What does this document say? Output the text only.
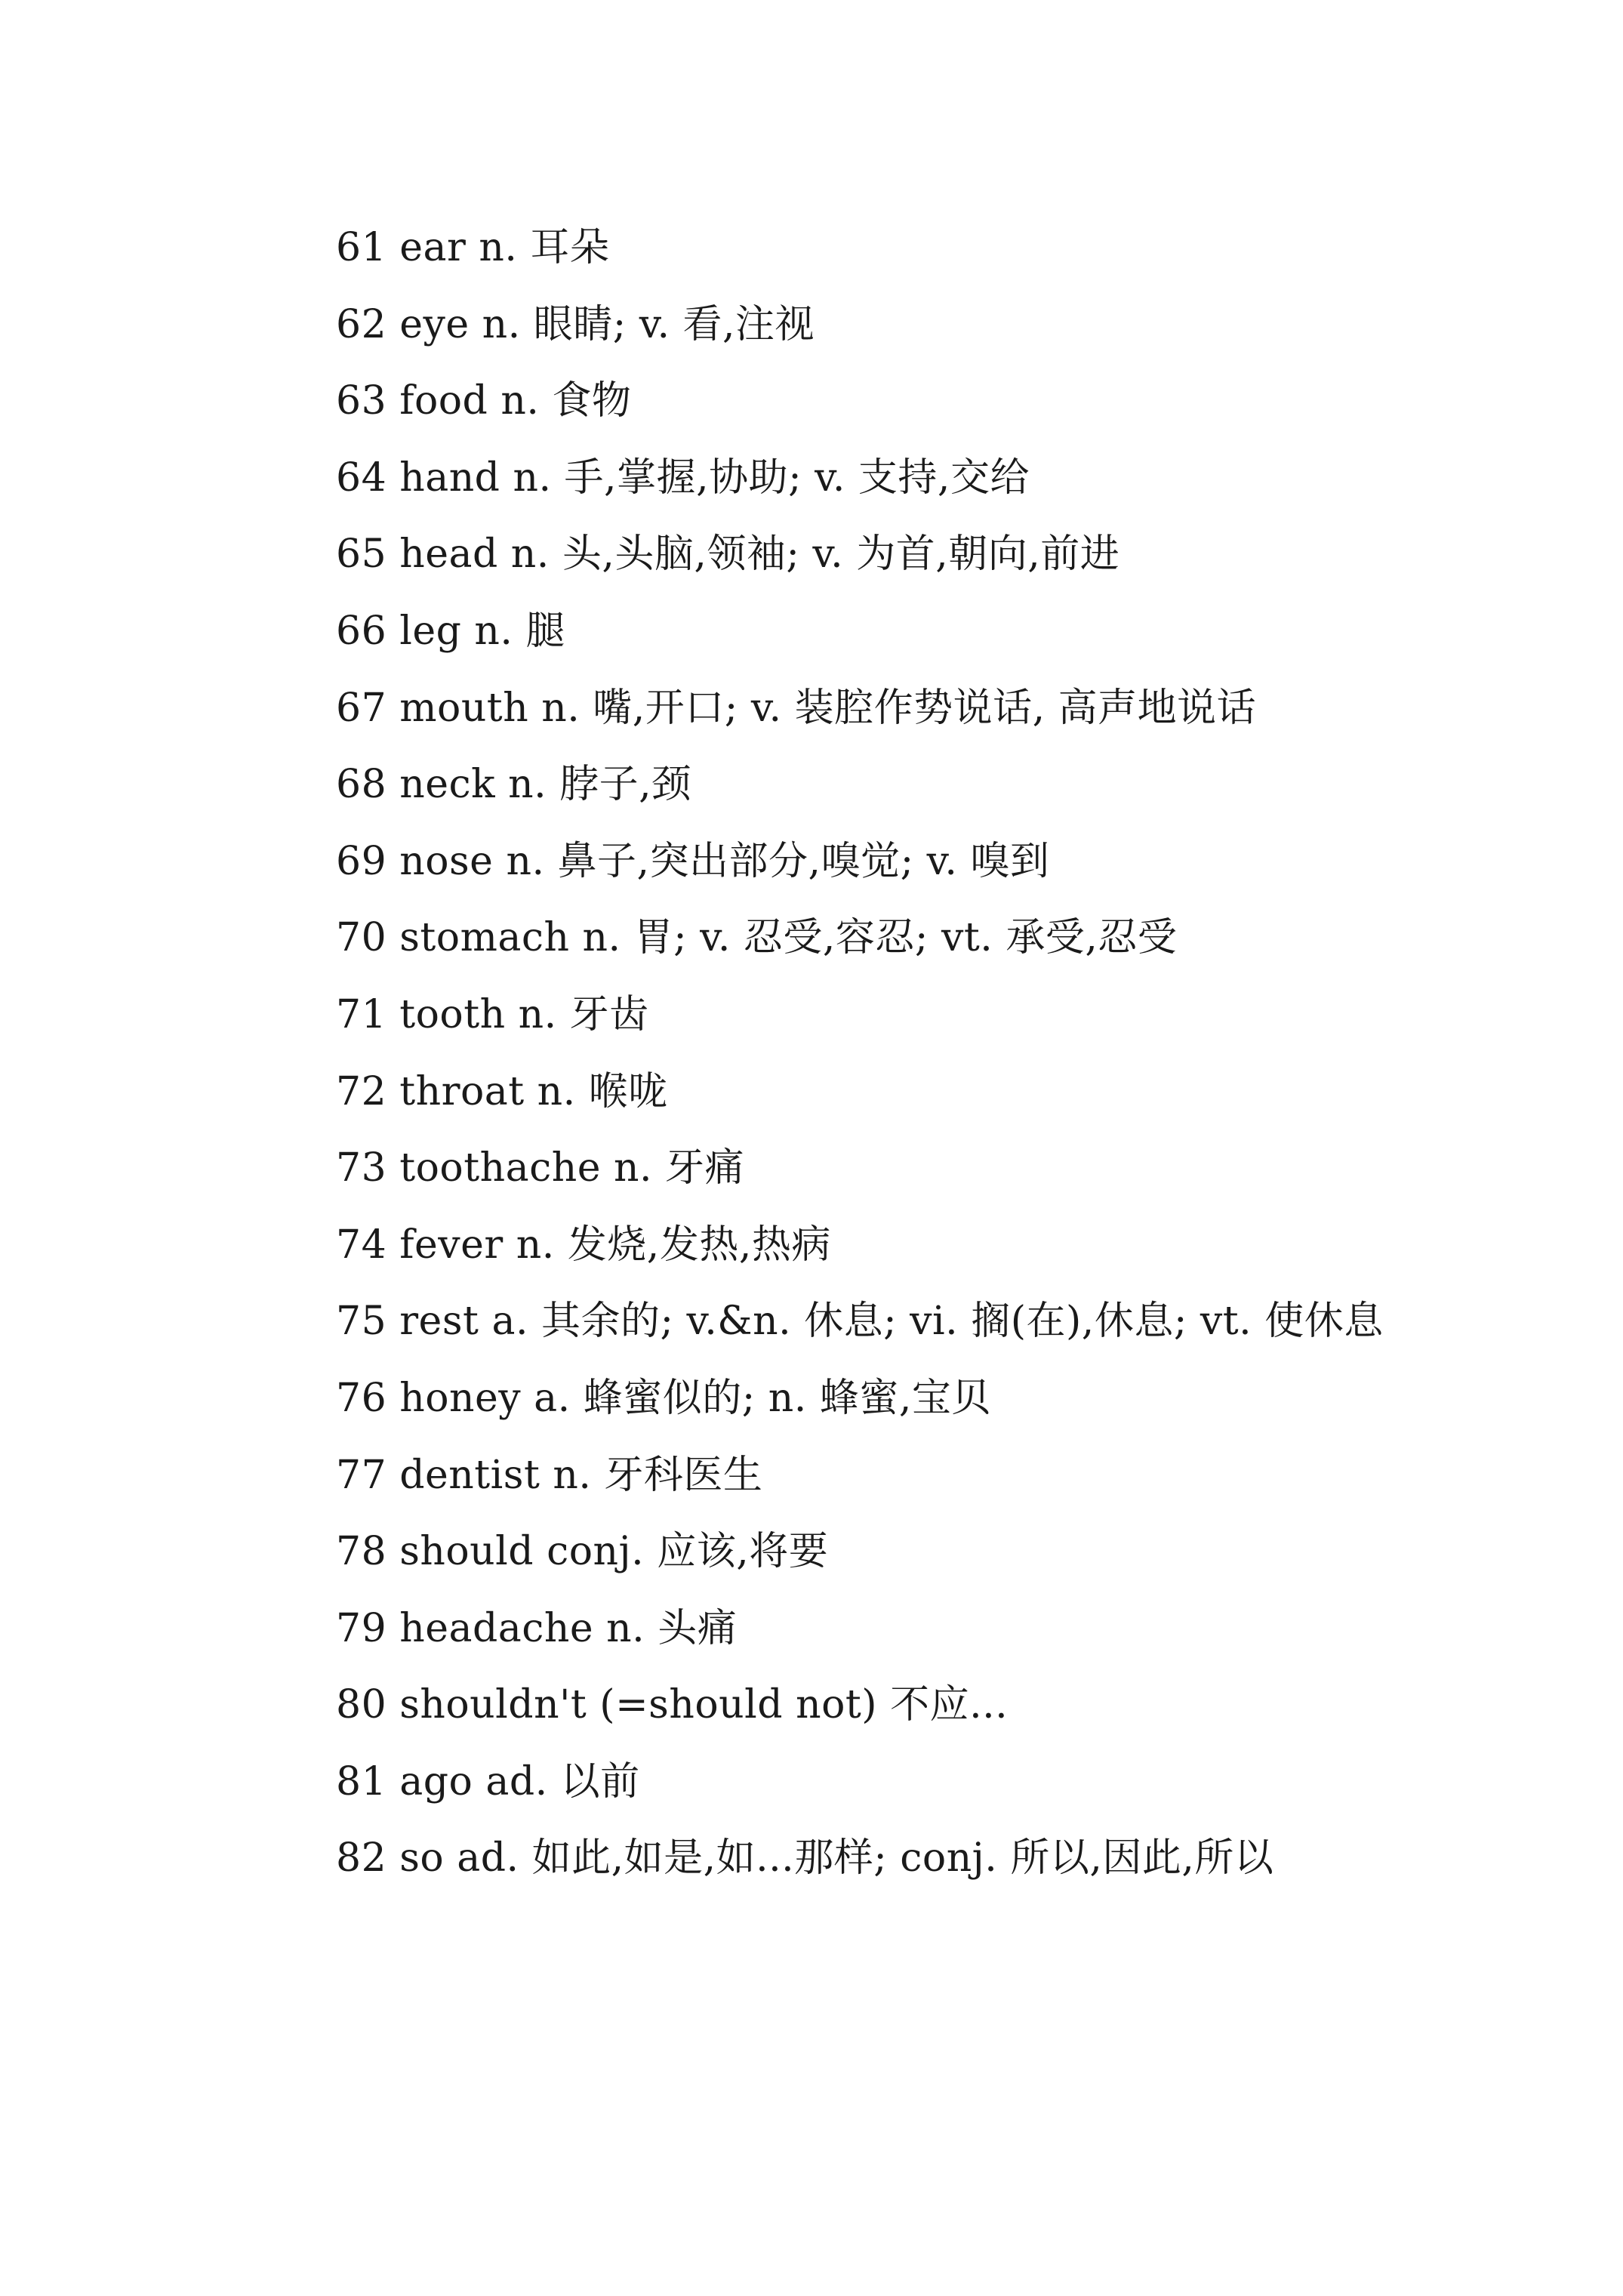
61 ear n. 耳朵
62 eye n. 眼睛; v. 看,注视
63 food n. 食物
64 hand n. 手,掌握,协助; v. 支持,交给
65 head n. 头,头脑,领袖; v. 为首,朝向,前进
66 leg n. 腿
67 mouth n. 嘴,开口; v. 装腔作势说话, 高声地说话
68 neck n. 脖子,颈
69 nose n. 鼻子,突出部分,嗅觉; v. 嗅到
70 stomach n. 胃; v. 忍受,容忍; vt. 承受,忍受
71 tooth n. 牙齿
72 throat n. 喉咙
73 toothache n. 牙痛
74 fever n. 发烧,发热,热病
75 rest a. 其余的; v.&n. 休息; vi. 搁(在),休息; vt. 使休息
76 honey a. 蜂蜜似的; n. 蜂蜜,宝贝
77 dentist n. 牙科医生
78 should conj. 应该,将要
79 headache n. 头痛
80 shouldn't (=should not) 不应...
81 ago ad. 以前
82 so ad. 如此,如是,如...那样; conj. 所以,因此,所以
